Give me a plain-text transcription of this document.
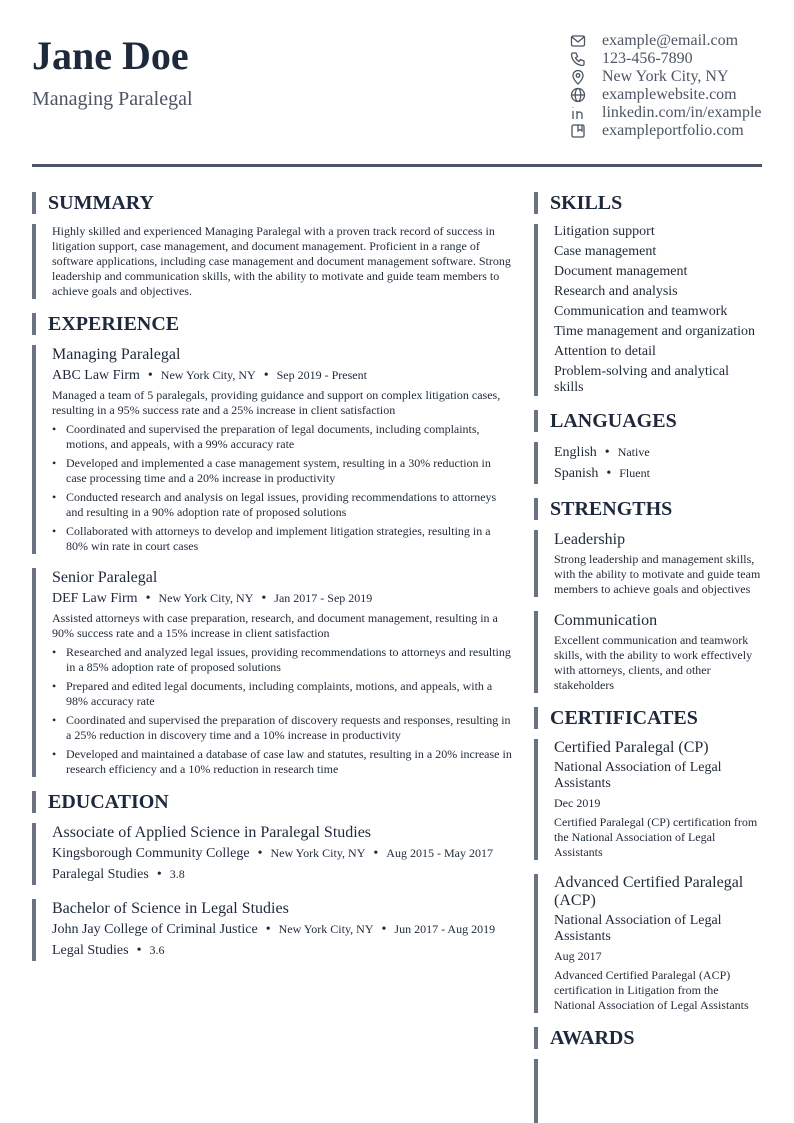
Jane Doe
Managing Paralegal
example@email.com
123-456-7890
New York City, NY
examplewebsite.com
linkedin.com/in/example
exampleportfolio.com
SUMMARY
Highly skilled and experienced Managing Paralegal with a proven track record of success in litigation support, case management, and document management. Proficient in a range of software applications, including case management and document management software. Strong leadership and communication skills, with the ability to motivate and guide team members to achieve goals and objectives.
EXPERIENCE
Managing Paralegal
ABC Law Firm • New York City, NY • Sep 2019 - Present
Managed a team of 5 paralegals, providing guidance and support on complex litigation cases, resulting in a 95% success rate and a 25% increase in client satisfaction
• Coordinated and supervised the preparation of legal documents, including complaints, motions, and appeals, with a 99% accuracy rate
• Developed and implemented a case management system, resulting in a 30% reduction in case processing time and a 20% increase in productivity
• Conducted research and analysis on legal issues, providing recommendations to attorneys and resulting in a 90% adoption rate of proposed solutions
• Collaborated with attorneys to develop and implement litigation strategies, resulting in a 80% win rate in court cases
Senior Paralegal
DEF Law Firm • New York City, NY • Jan 2017 - Sep 2019
Assisted attorneys with case preparation, research, and document management, resulting in a 90% success rate and a 15% increase in client satisfaction
• Researched and analyzed legal issues, providing recommendations to attorneys and resulting in a 85% adoption rate of proposed solutions
• Prepared and edited legal documents, including complaints, motions, and appeals, with a 98% accuracy rate
• Coordinated and supervised the preparation of discovery requests and responses, resulting in a 25% reduction in discovery time and a 10% increase in productivity
• Developed and maintained a database of case law and statutes, resulting in a 20% increase in research efficiency and a 10% reduction in research time
EDUCATION
Associate of Applied Science in Paralegal Studies
Kingsborough Community College • New York City, NY • Aug 2015 - May 2017
Paralegal Studies • 3.8
Bachelor of Science in Legal Studies
John Jay College of Criminal Justice • New York City, NY • Jun 2017 - Aug 2019
Legal Studies • 3.6
SKILLS
Litigation support
Case management
Document management
Research and analysis
Communication and teamwork
Time management and organization
Attention to detail
Problem-solving and analytical skills
LANGUAGES
English • Native
Spanish • Fluent
STRENGTHS
Leadership
Strong leadership and management skills, with the ability to motivate and guide team members to achieve goals and objectives
Communication
Excellent communication and teamwork skills, with the ability to work effectively with attorneys, clients, and other stakeholders
CERTIFICATES
Certified Paralegal (CP)
National Association of Legal Assistants
Dec 2019
Certified Paralegal (CP) certification from the National Association of Legal Assistants
Advanced Certified Paralegal (ACP)
National Association of Legal Assistants
Aug 2017
Advanced Certified Paralegal (ACP) certification in Litigation from the National Association of Legal Assistants
AWARDS
